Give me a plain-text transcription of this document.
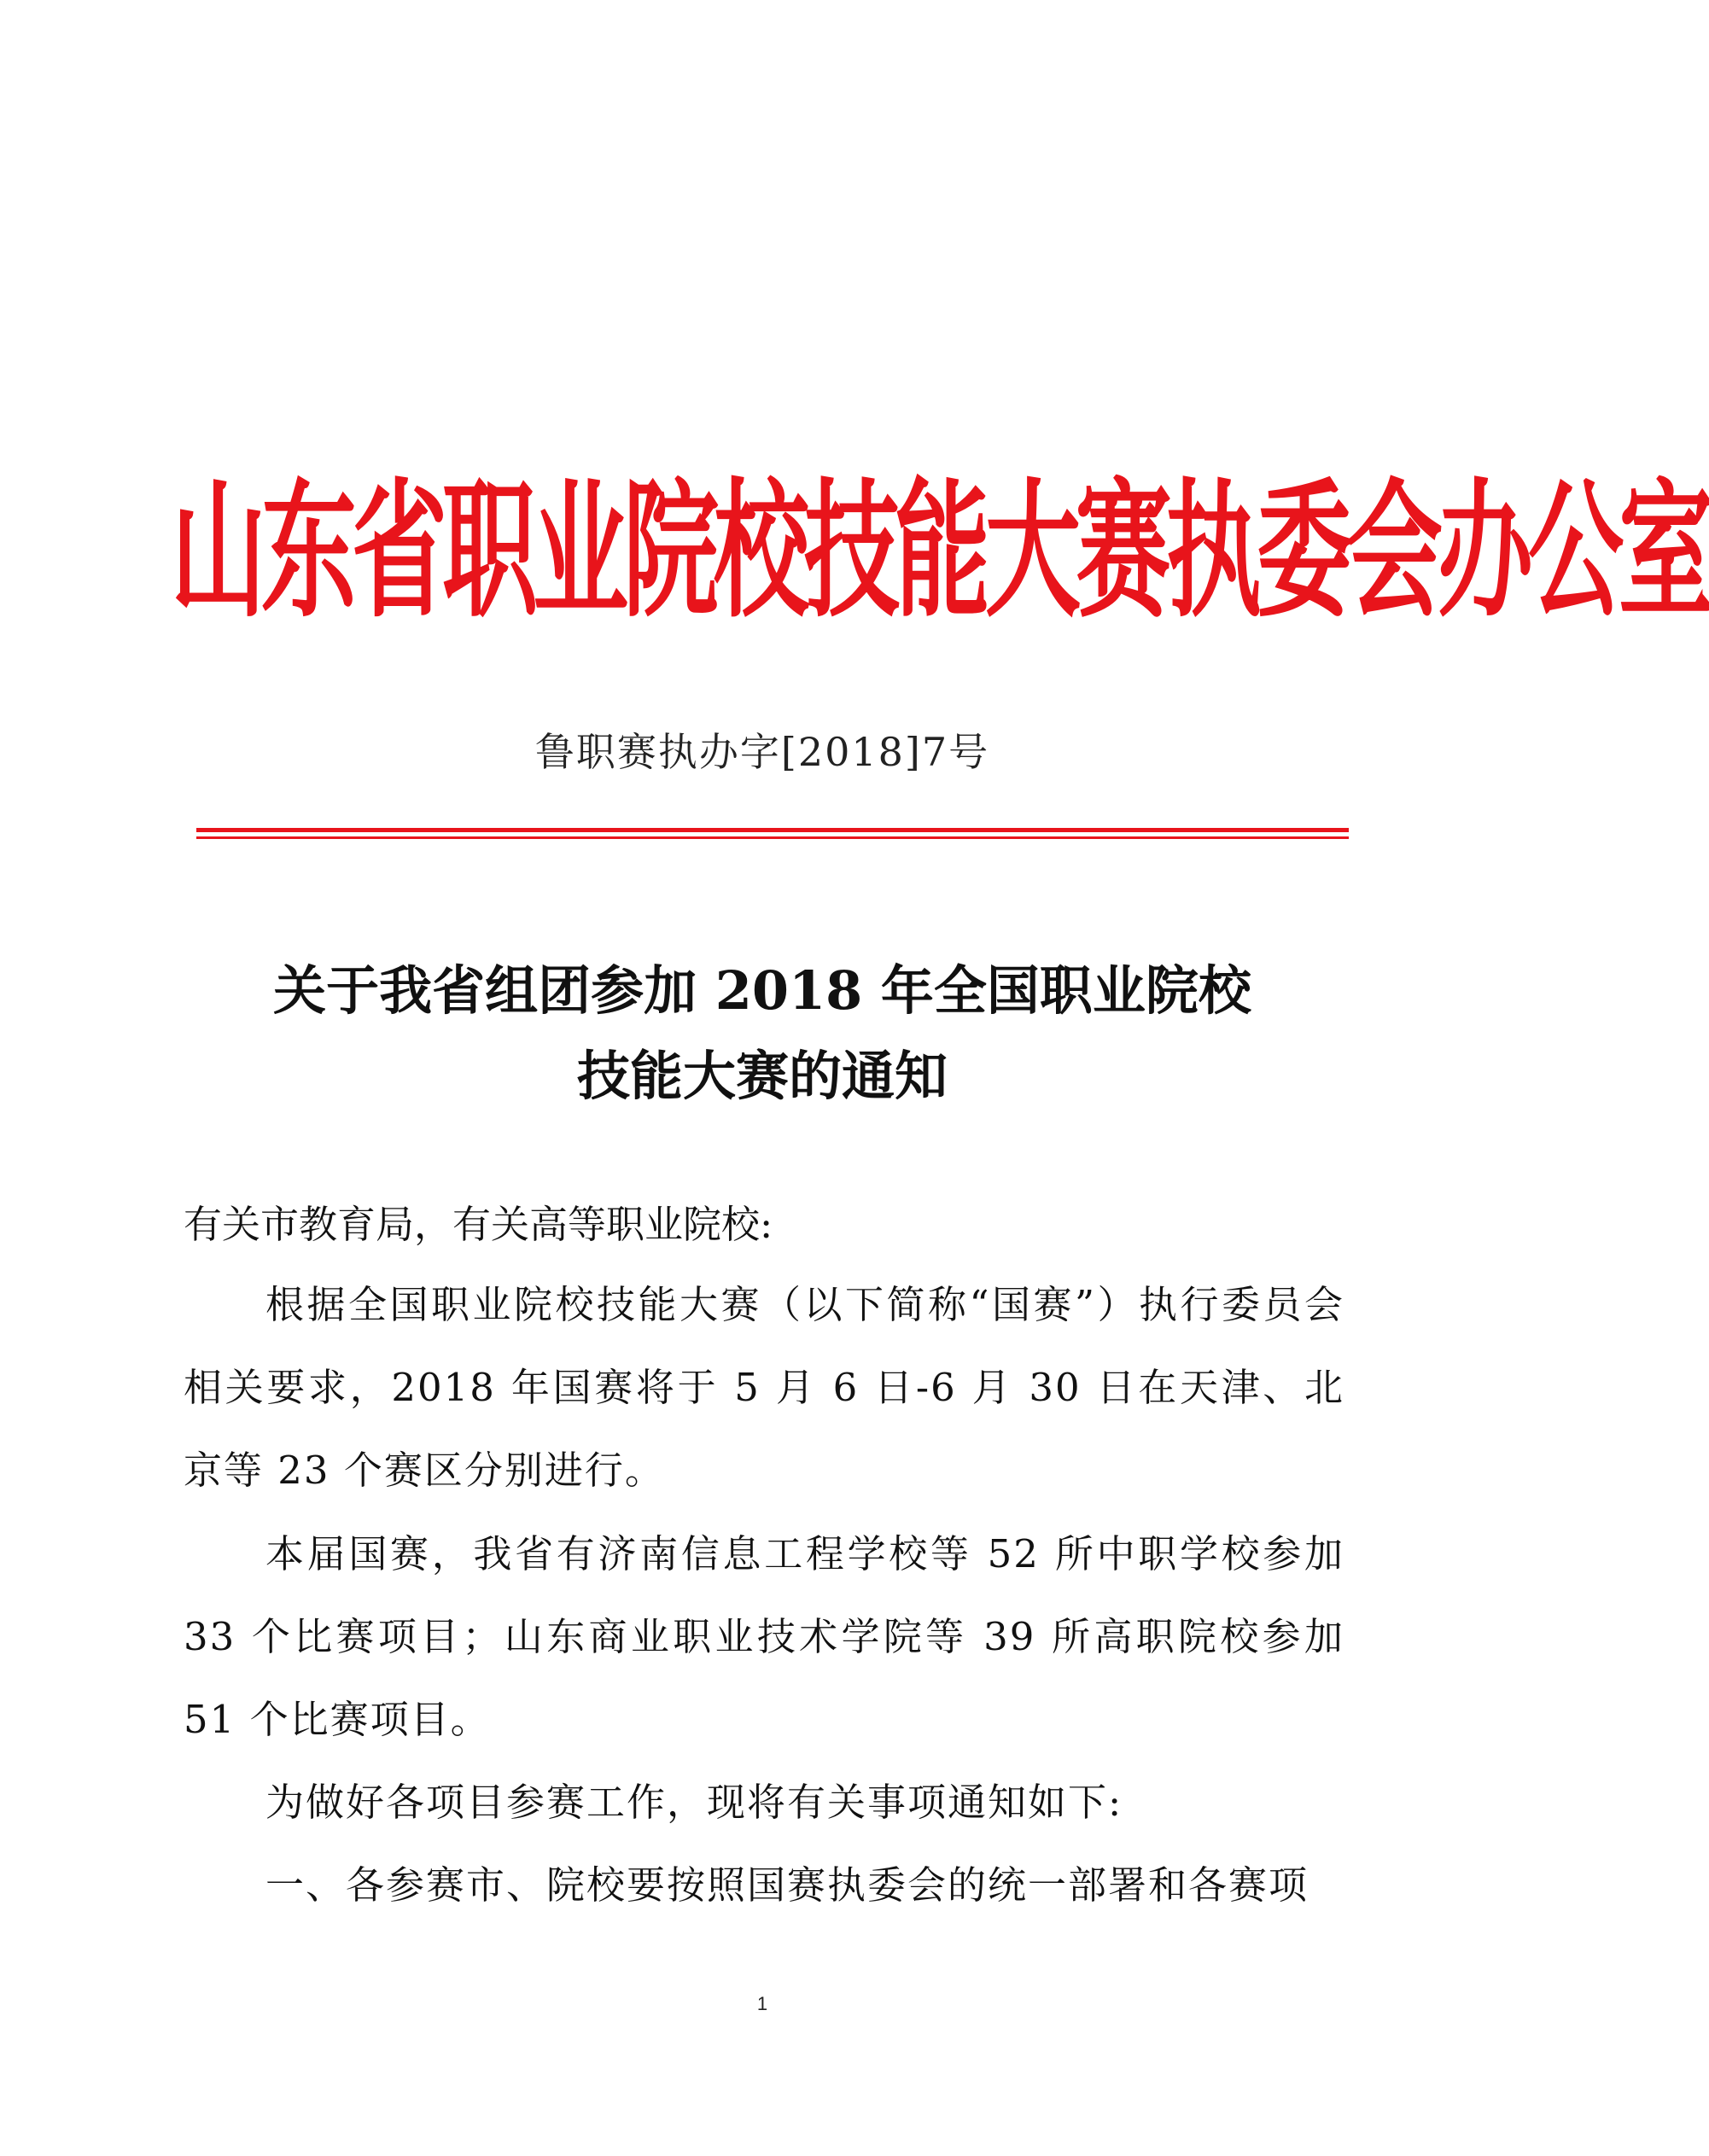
山东省职业院校技能大赛执委会办公室
鲁职赛执办字[2018]7号
关于我省组团参加 2018 年全国职业院校
技能大赛的通知
有关市教育局，有关高等职业院校:
根据全国职业院校技能大赛（以下简称“国赛”）执行委员会相关要求，2018 年国赛将于 5 月 6 日-6 月 30 日在天津、北京等 23 个赛区分别进行。
本届国赛，我省有济南信息工程学校等 52 所中职学校参加 33 个比赛项目；山东商业职业技术学院等 39 所高职院校参加 51 个比赛项目。
为做好各项目参赛工作，现将有关事项通知如下:
一、各参赛市、院校要按照国赛执委会的统一部署和各赛项
1
